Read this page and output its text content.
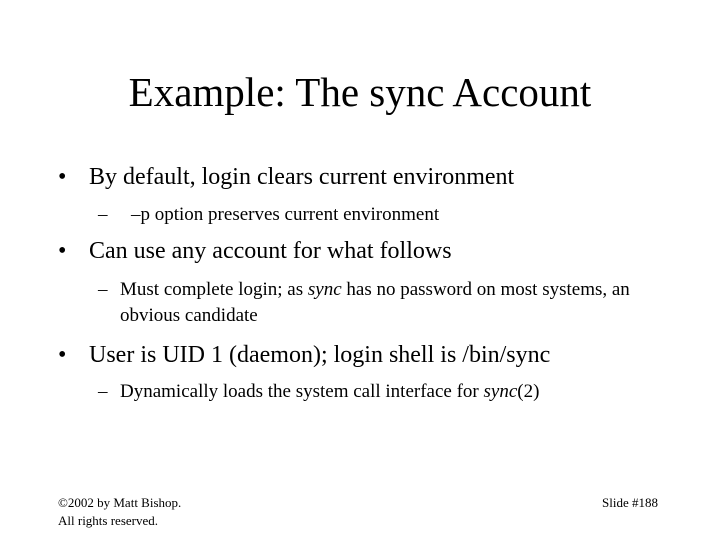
Example: The sync Account
• By default, login clears current environment
– –p option preserves current environment
• Can use any account for what follows
– Must complete login; as sync has no password on most systems, an obvious candidate
• User is UID 1 (daemon); login shell is /bin/sync
– Dynamically loads the system call interface for sync(2)
©2002 by Matt Bishop.
All rights reserved.
Slide #188
